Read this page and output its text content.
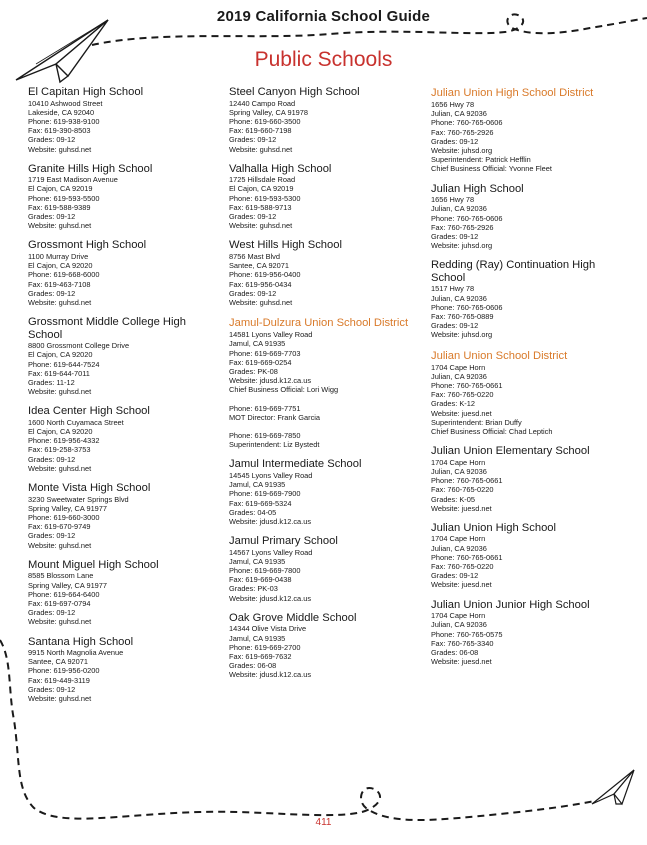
2019 California School Guide
Public Schools
El Capitan High School
10410 Ashwood Street
Lakeside, CA 92040
Phone: 619-938-9100
Fax: 619-390-8503
Grades: 09-12
Website: guhsd.net
Granite Hills High School
1719 East Madison Avenue
El Cajon, CA 92019
Phone: 619-593-5500
Fax: 619-588-9389
Grades: 09-12
Website: guhsd.net
Grossmont High School
1100 Murray Drive
El Cajon, CA 92020
Phone: 619-668-6000
Fax: 619-463-7108
Grades: 09-12
Website: guhsd.net
Grossmont Middle College High School
8800 Grossmont College Drive
El Cajon, CA 92020
Phone: 619-644-7524
Fax: 619-644-7011
Grades: 11-12
Website: guhsd.net
Idea Center High School
1600 North Cuyamaca Street
El Cajon, CA 92020
Phone: 619-956-4332
Fax: 619-258-3753
Grades: 09-12
Website: guhsd.net
Monte Vista High School
3230 Sweetwater Springs Blvd
Spring Valley, CA 91977
Phone: 619-660-3000
Fax: 619-670-9749
Grades: 09-12
Website: guhsd.net
Mount Miguel High School
8585 Blossom Lane
Spring Valley, CA 91977
Phone: 619-664-6400
Fax: 619-697-0794
Grades: 09-12
Website: guhsd.net
Santana High School
9915 North Magnolia Avenue
Santee, CA 92071
Phone: 619-956-0200
Fax: 619-449-3119
Grades: 09-12
Website: guhsd.net
Steel Canyon High School
12440 Campo Road
Spring Valley, CA 91978
Phone: 619-660-3500
Fax: 619-660-7198
Grades: 09-12
Website: guhsd.net
Valhalla High School
1725 Hillsdale Road
El Cajon, CA 92019
Phone: 619-593-5300
Fax: 619-588-9713
Grades: 09-12
Website: guhsd.net
West Hills High School
8756 Mast Blvd
Santee, CA 92071
Phone: 619-956-0400
Fax: 619-956-0434
Grades: 09-12
Website: guhsd.net
Jamul-Dulzura Union School District
14581 Lyons Valley Road
Jamul, CA 91935
Phone: 619-669-7703
Fax: 619-669-0254
Grades: PK-08
Website: jdusd.k12.ca.us
Chief Business Official: Lori Wigg
Phone: 619-669-7751
MOT Director: Frank Garcia
Phone: 619-669-7850
Superintendent: Liz Bystedt
Jamul Intermediate School
14545 Lyons Valley Road
Jamul, CA 91935
Phone: 619-669-7900
Fax: 619-669-5324
Grades: 04-05
Website: jdusd.k12.ca.us
Jamul Primary School
14567 Lyons Valley Road
Jamul, CA 91935
Phone: 619-669-7800
Fax: 619-669-0438
Grades: PK-03
Website: jdusd.k12.ca.us
Oak Grove Middle School
14344 Olive Vista Drive
Jamul, CA 91935
Phone: 619-669-2700
Fax: 619-669-7632
Grades: 06-08
Website: jdusd.k12.ca.us
Julian Union High School District
1656 Hwy 78
Julian, CA 92036
Phone: 760-765-0606
Fax: 760-765-2926
Grades: 09-12
Website: juhsd.org
Superintendent: Patrick Hefflin
Chief Business Official: Yvonne Fleet
Julian High School
1656 Hwy 78
Julian, CA 92036
Phone: 760-765-0606
Fax: 760-765-2926
Grades: 09-12
Website: juhsd.org
Redding (Ray) Continuation High School
1517 Hwy 78
Julian, CA 92036
Phone: 760-765-0606
Fax: 760-765-0889
Grades: 09-12
Website: juhsd.org
Julian Union School District
1704 Cape Horn
Julian, CA 92036
Phone: 760-765-0661
Fax: 760-765-0220
Grades: K-12
Website: juesd.net
Superintendent: Brian Duffy
Chief Business Official: Chad Leptich
Julian Union Elementary School
1704 Cape Horn
Julian, CA 92036
Phone: 760-765-0661
Fax: 760-765-0220
Grades: K-05
Website: juesd.net
Julian Union High School
1704 Cape Horn
Julian, CA 92036
Phone: 760-765-0661
Fax: 760-765-0220
Grades: 09-12
Website: juesd.net
Julian Union Junior High School
1704 Cape Horn
Julian, CA 92036
Phone: 760-765-0575
Fax: 760-765-3340
Grades: 06-08
Website: juesd.net
411
